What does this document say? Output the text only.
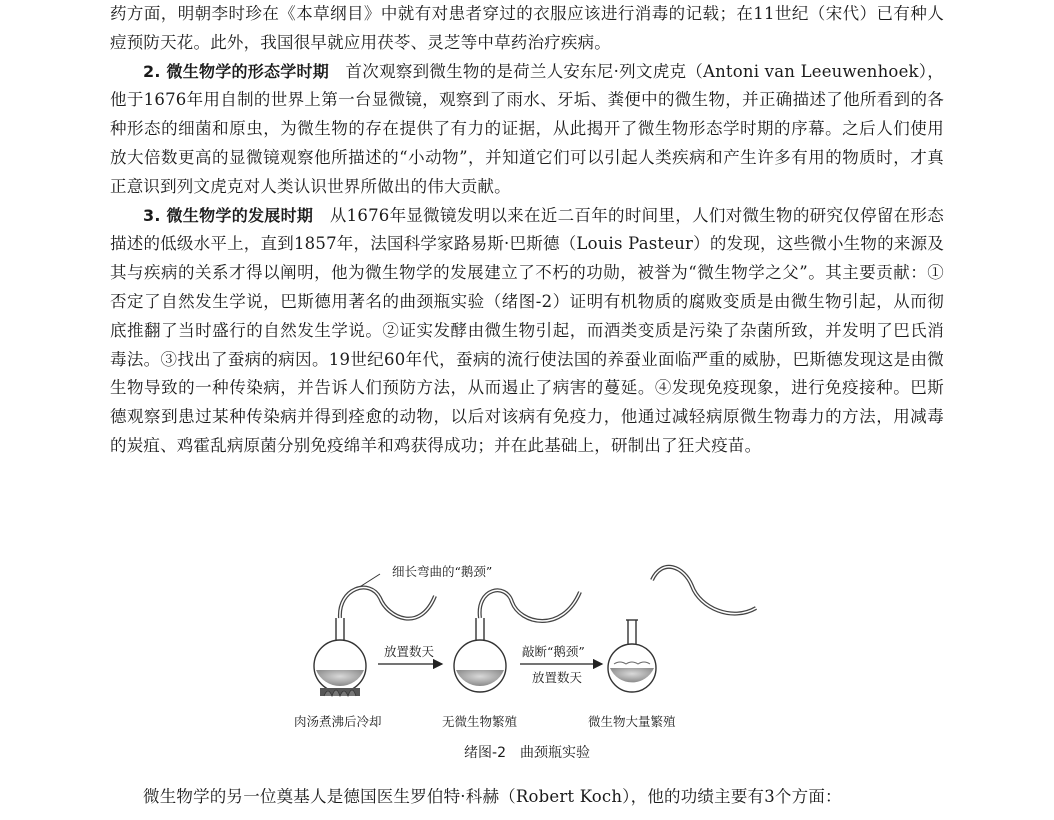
药方面，明朝李时珍在《本草纲目》中就有对患者穿过的衣服应该进行消毒的记载；在11世纪（宋代）已有种人痘预防天花。此外，我国很早就应用茯苓、灵芝等中草药治疗疾病。

2. 微生物学的形态学时期 首次观察到微生物的是荷兰人安东尼·列文虎克（Antoni van Leeuwenhoek），他于1676年用自制的世界上第一台显微镜，观察到了雨水、牙垢、粪便中的微生物，并正确描述了他所看到的各种形态的细菌和原虫，为微生物的存在提供了有力的证据，从此揭开了微生物形态学时期的序幕。之后人们使用放大倍数更高的显微镜观察他所描述的“小动物”，并知道它们可以引起人类疾病和产生许多有用的物质时，才真正意识到列文虎克对人类认识世界所做出的伟大贡献。

3. 微生物学的发展时期 从1676年显微镜发明以来在近二百年的时间里，人们对微生物的研究仅停留在形态描述的低级水平上，直到1857年，法国科学家路易斯·巴斯德（Louis Pasteur）的发现，这些微小生物的来源及其与疾病的关系才得以阐明，他为微生物学的发展建立了不朽的功勋，被誉为“微生物学之父”。其主要贡献：①否定了自然发生学说，巴斯德用著名的曲颈瓶实验（绪图-2）证明有机物质的腐败变质是由微生物引起，从而彻底推翻了当时盛行的自然发生学说。②证实发酵由微生物引起，而酒类变质是污染了杂菌所致，并发明了巴氏消毒法。③找出了蚕病的病因。19世纪60年代，蚕病的流行使法国的养蚕业面临严重的威胁，巴斯德发现这是由微生物导致的一种传染病，并告诉人们预防方法，从而遏止了病害的蔓延。④发现免疫现象，进行免疫接种。巴斯德观察到患过某种传染病并得到痊愈的动物，以后对该病有免疫力，他通过减轻病原微生物毒力的方法，用减毒的炭疽、鸡霍乱病原菌分别免疫绵羊和鸡获得成功；并在此基础上，研制出了狂犬疫苗。

细长弯曲的“鹅颈”
放置数天	敲断“鹅颈”
放置数天
肉汤煮沸后冷却	无微生物繁殖	微生物大量繁殖
绪图-2　曲颈瓶实验

微生物学的另一位奠基人是德国医生罗伯特·科赫（Robert Koch），他的功绩主要有3个方面：
